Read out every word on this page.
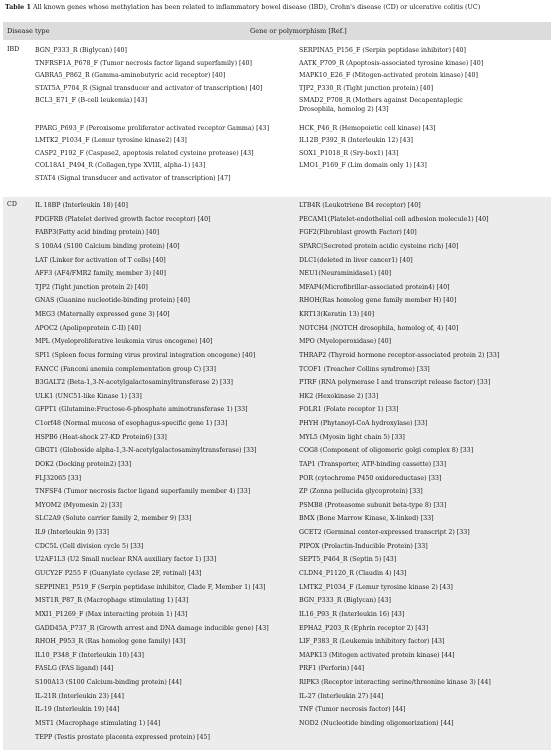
Table 1 All known genes whose methylation has been related to inflammatory bowel disease (IBD), Crohn's disease (CD) or ulcerative colitis (UC)
Disease type	Gene or polymorphism [Ref.]
IBD	BGN_P333_R (Biglycan) [40]	SERPINA5_P156_F (Serpin peptidase inhibitor) [40]
TNFRSF1A_P678_F (Tumor necrosis factor ligand superfamily) [40]	AATK_P709_R (Apoptosis-associated tyrosine kinase) [40]
GABRA5_P862_R (Gamma-aminobutyric acid receptor) [40]	MAPK10_E26_F (Mitogen-activated protein kinase) [40]
STAT5A_P704_R (Signal transducer and activator of transcription) [40]	TJP2_P330_R (Tight junction protein) [40]
BCL3_E71_F (B-cell leukemia) [43]	SMAD2_P708_R (Mothers against Decapentaplegic
Drosophila, homolog 2) [43]
PPARG_P693_F (Peroxisome proliferator activated receptor Gamma) [43]	HCK_P46_R (Hemopoietic cell kinase) [43]
LMTK2_P1034_F (Lemur tyrosine kinase2) [43]	IL12B_P392_R (Interleukin 12) [43]
CASP2_P192_F (Caspase2, apoptosis related cysteine protease) [43]	SOX1_P1018_R (Sry-box1) [43]
COL18A1_P494_R (Collagen,type XVIII, alpha-1) [43]	LMO1_P169_F (Lim domain only 1) [43]
STAT4 (Signal transducer and activator of transcription) [47]
CD	IL 18BP (Interleukin 18) [40]	LTB4R (Leukotriene B4 receptor) [40]
PDGFRB (Platelet derived growth factor receptor) [40]	PECAM1(Platelet-endothelial cell adhesion molecule1) [40]
FABP3(Fatty acid binding protein) [40]	FGF2(Fibroblast growth Factor) [40]
S 100A4 (S100 Calcium binding protein) [40]	SPARC(Secreted protein acidic cysteine rich) [40]
LAT (Linker for activation of T cells) [40]	DLC1(deleted in liver cancer1) [40]
AFF3 (AF4/FMR2 family, member 3) [40]	NEU1(Neuraminidase1) [40]
TJP2 (Tight junction protein 2) [40]	MFAP4(Microfibrillar-associated protein4) [40]
GNAS (Guanine nucleotide-binding protein) [40]	RHOH(Ras homolog gene family member H) [40]
MEG3 (Maternally expressed gene 3) [40]	KRT13(Keratin 13) [40]
APOC2 (Apolipoprotein C-II) [40]	NOTCH4 (NOTCH drosophila, homolog of, 4) [40]
MPL (Myeloproliferative leukemia virus oncogene) [40]	MPO (Myeloperoxidase) [40]
SPI1 (Spleen focus forming virus proviral integration oncogene) [40]	THRAP2 (Thyroid hormone receptor-associated protein 2) [33]
FANCC (Fanconi anemia complementation group C) [33]	TCOF1 (Treacher Collins syndrome) [33]
B3GALT2 (Beta-1,3-N-acetylgalactosaminyltransferase 2) [33]	PTRF (RNA polymerase I and transcript release factor) [33]
ULK1 (UNC51-like Kinase 1) [33]	HK2 (Hexokinase 2) [33]
GFPT1 (Glutamine:Fructose-6-phosphate aminotransferase 1) [33]	FOLR1 (Folate receptor 1) [33]
C1orf48 (Normal mucosa of esophagus-specific gene 1) [33]	PHYH (Phytanoyl-CoA hydroxylase) [33]
HSPB6 (Heat-shock 27-KD Protein6) [33]	MYL5 (Myosin light chain 5) [33]
GBGT1 (Globoside alpha-1,3-N-acetylgalactosaminyltransferase) [33]	COG8 (Component of oligomeric golgi complex 8) [33]
DOK2 (Docking protein2) [33]	TAP1 (Transporter, ATP-binding cassette) [33]
FLJ32065 [33]	POR (cytochrome P450 oxidoreductase) [33]
TNFSF4 (Tumor necrosis factor ligand superfamily member 4) [33]	ZP (Zonna pellucida glycoprotein) [33]
MYOM2 (Myomesin 2) [33]	PSMB8 (Proteasome subunit beta-type 8) [33]
SLC2A9 (Solute carrier family 2, member 9) [33]	BMX (Bone Marrow Kinase, X-linked) [33]
IL9 (Interleukin 9) [33]	GCET2 (Germinal center-expressed transcript 2) [33]
CDC5L (Cell division cycle 5) [33]	PIPOX (Prolactin-Inducible Protein) [33]
U2AF1L3 (U2 Small nuclear RNA auxiliary factor 1) [33]	SEPT5_P464_R (Septin 5) [43]
GUCY2F P255 F (Guanylate cyclase 2F, retinal) [43]	CLDN4_P1120_R (Claudin 4) [43]
SEPPINE1_P519_F (Serpin peptidase inhibitor, Clade F, Member 1) [43]	LMTK2_P1034_F (Lemur tyrosine kinase 2) [43]
MST1R_P87_R (Macrophage stimulating 1) [43]	BGN_P333_R (Biglycan) [43]
MXI1_P1269_F (Max interacting protein 1) [43]	IL16_P93_R (Interleukin 16) [43]
GADD45A_P737_R (Growth arrest and DNA damage inducible gene) [43]	EPHA2_P203_R (Ephrin receptor 2) [43]
RHOH_P953_R (Ras homolog gene family) [43]	LIF_P383_R (Leukemia inhibitory factor) [43]
IL10_P348_F (Interleukin 10) [43]	MAPK13 (Mitogen activated protein kinase) [44]
FASLG (FAS ligand) [44]	PRF1 (Perforin) [44]
S100A13 (S100 Calcium-binding protein) [44]	RIPK3 (Receptor interacting serine/threonine kinase 3) [44]
IL-21R (Interleukin 23) [44]	IL-27 (Interleukin 27) [44]
IL-19 (Interleukin 19) [44]	TNF (Tumor necrosis factor) [44]
MST1 (Macrophage stimulating 1) [44]	NOD2 (Nucleotide binding oligomerization) [44]
TEPP (Testis prostate placenta expressed protein) [45]
